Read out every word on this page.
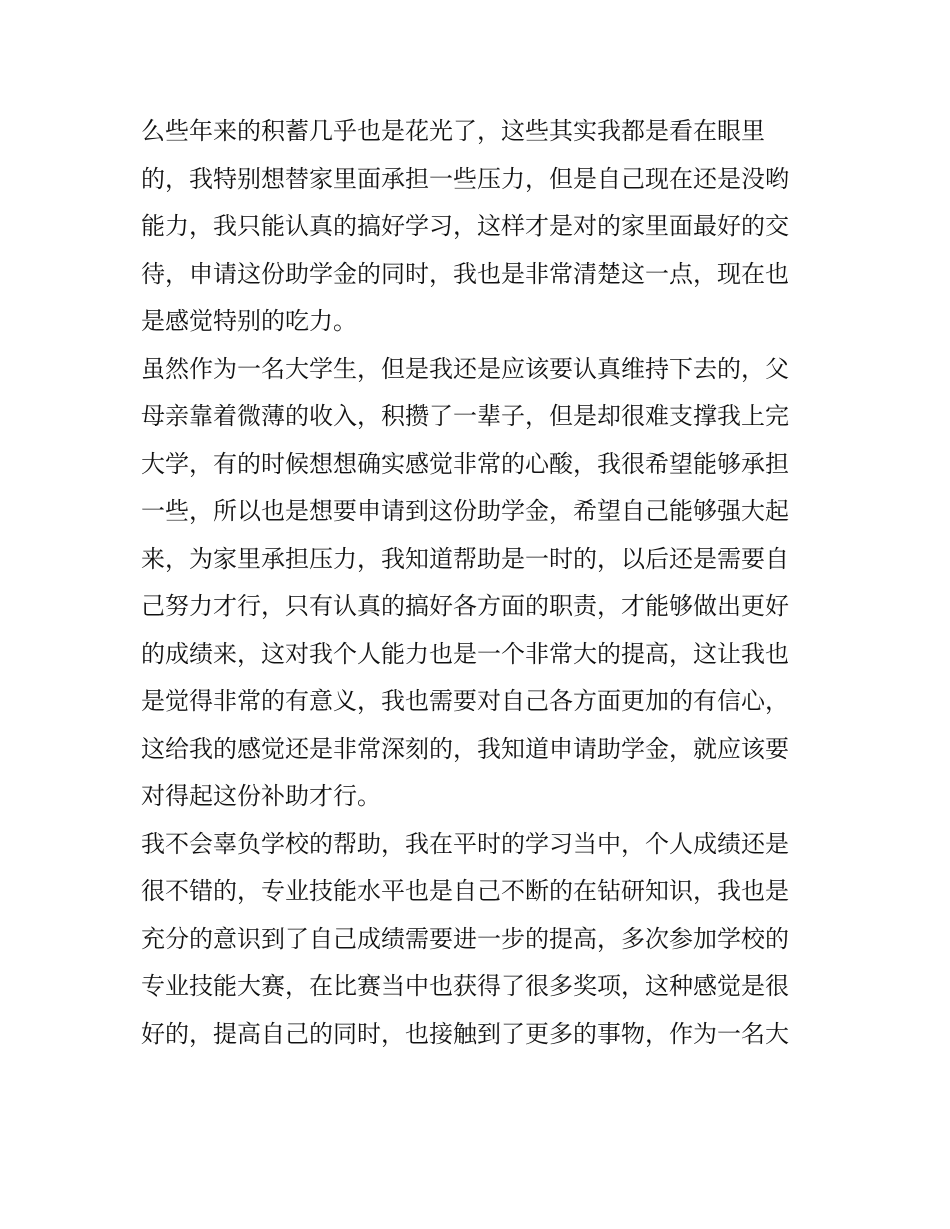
么些年来的积蓄几乎也是花光了，这些其实我都是看在眼里
的，我特别想替家里面承担一些压力，但是自己现在还是没哟
能力，我只能认真的搞好学习，这样才是对的家里面最好的交
待，申请这份助学金的同时，我也是非常清楚这一点，现在也
是感觉特别的吃力。
虽然作为一名大学生，但是我还是应该要认真维持下去的，父
母亲靠着微薄的收入，积攒了一辈子，但是却很难支撑我上完
大学，有的时候想想确实感觉非常的心酸，我很希望能够承担
一些，所以也是想要申请到这份助学金，希望自己能够强大起
来，为家里承担压力，我知道帮助是一时的，以后还是需要自
己努力才行，只有认真的搞好各方面的职责，才能够做出更好
的成绩来，这对我个人能力也是一个非常大的提高，这让我也
是觉得非常的有意义，我也需要对自己各方面更加的有信心，
这给我的感觉还是非常深刻的，我知道申请助学金，就应该要
对得起这份补助才行。
我不会辜负学校的帮助，我在平时的学习当中，个人成绩还是
很不错的，专业技能水平也是自己不断的在钻研知识，我也是
充分的意识到了自己成绩需要进一步的提高，多次参加学校的
专业技能大赛，在比赛当中也获得了很多奖项，这种感觉是很
好的，提高自己的同时，也接触到了更多的事物，作为一名大
